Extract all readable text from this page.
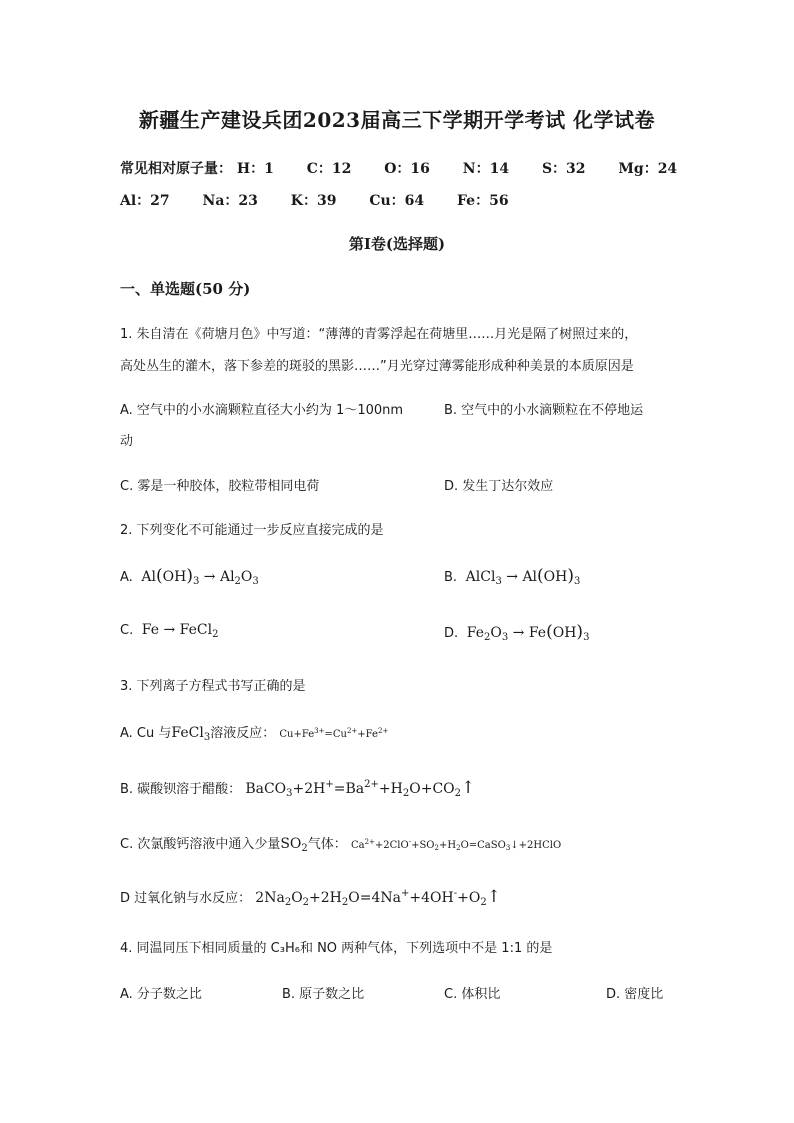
新疆生产建设兵团2023届高三下学期开学考试 化学试卷
常见相对原子量： H：1 C：12 O：16 N：14 S：32 Mg：24
Al：27 Na：23 K：39 Cu：64 Fe：56
第Ⅰ卷(选择题)
一、单选题(50 分)
1. 朱自清在《荷塘月色》中写道：“薄薄的青雾浮起在荷塘里……月光是隔了树照过来的，
高处丛生的灌木，落下参差的斑驳的黑影……”月光穿过薄雾能形成种种美景的本质原因是
A. 空气中的小水滴颗粒直径大小约为 1～100nm	B. 空气中的小水滴颗粒在不停地运
动
C. 雾是一种胶体，胶粒带相同电荷	D. 发生丁达尔效应
2. 下列变化不可能通过一步反应直接完成的是
A.  $Al(OH)_3 \to Al_2O_3$	B.  AlCl$_3$ → $Al(OH)_3$
C.  Fe → FeCl$_2$	D.  $Fe_2O_3 \to Fe(OH)_3$
3. 下列离子方程式书写正确的是
A. Cu 与FeCl$_3$溶液反应： $Cu+Fe^{3+}=Cu^{2+}+Fe^{2+}$
B. 碳酸钡溶于醋酸： $BaCO_3+2H^+=Ba^{2+}+H_2O+CO_2↑$
C. 次氯酸钙溶液中通入少量$SO_2$气体： $Ca^{2+}+2ClO^-+SO_2+H_2O=CaSO_3↓+2HClO$
D 过氧化钠与水反应： $2Na_2O_2+2H_2O=4Na^++4OH^-+O_2↑$
4. 同温同压下相同质量的 C₃H₆和 NO 两种气体，下列选项中不是 1:1 的是
A. 分子数之比	B. 原子数之比	C. 体积比	D. 密度比
